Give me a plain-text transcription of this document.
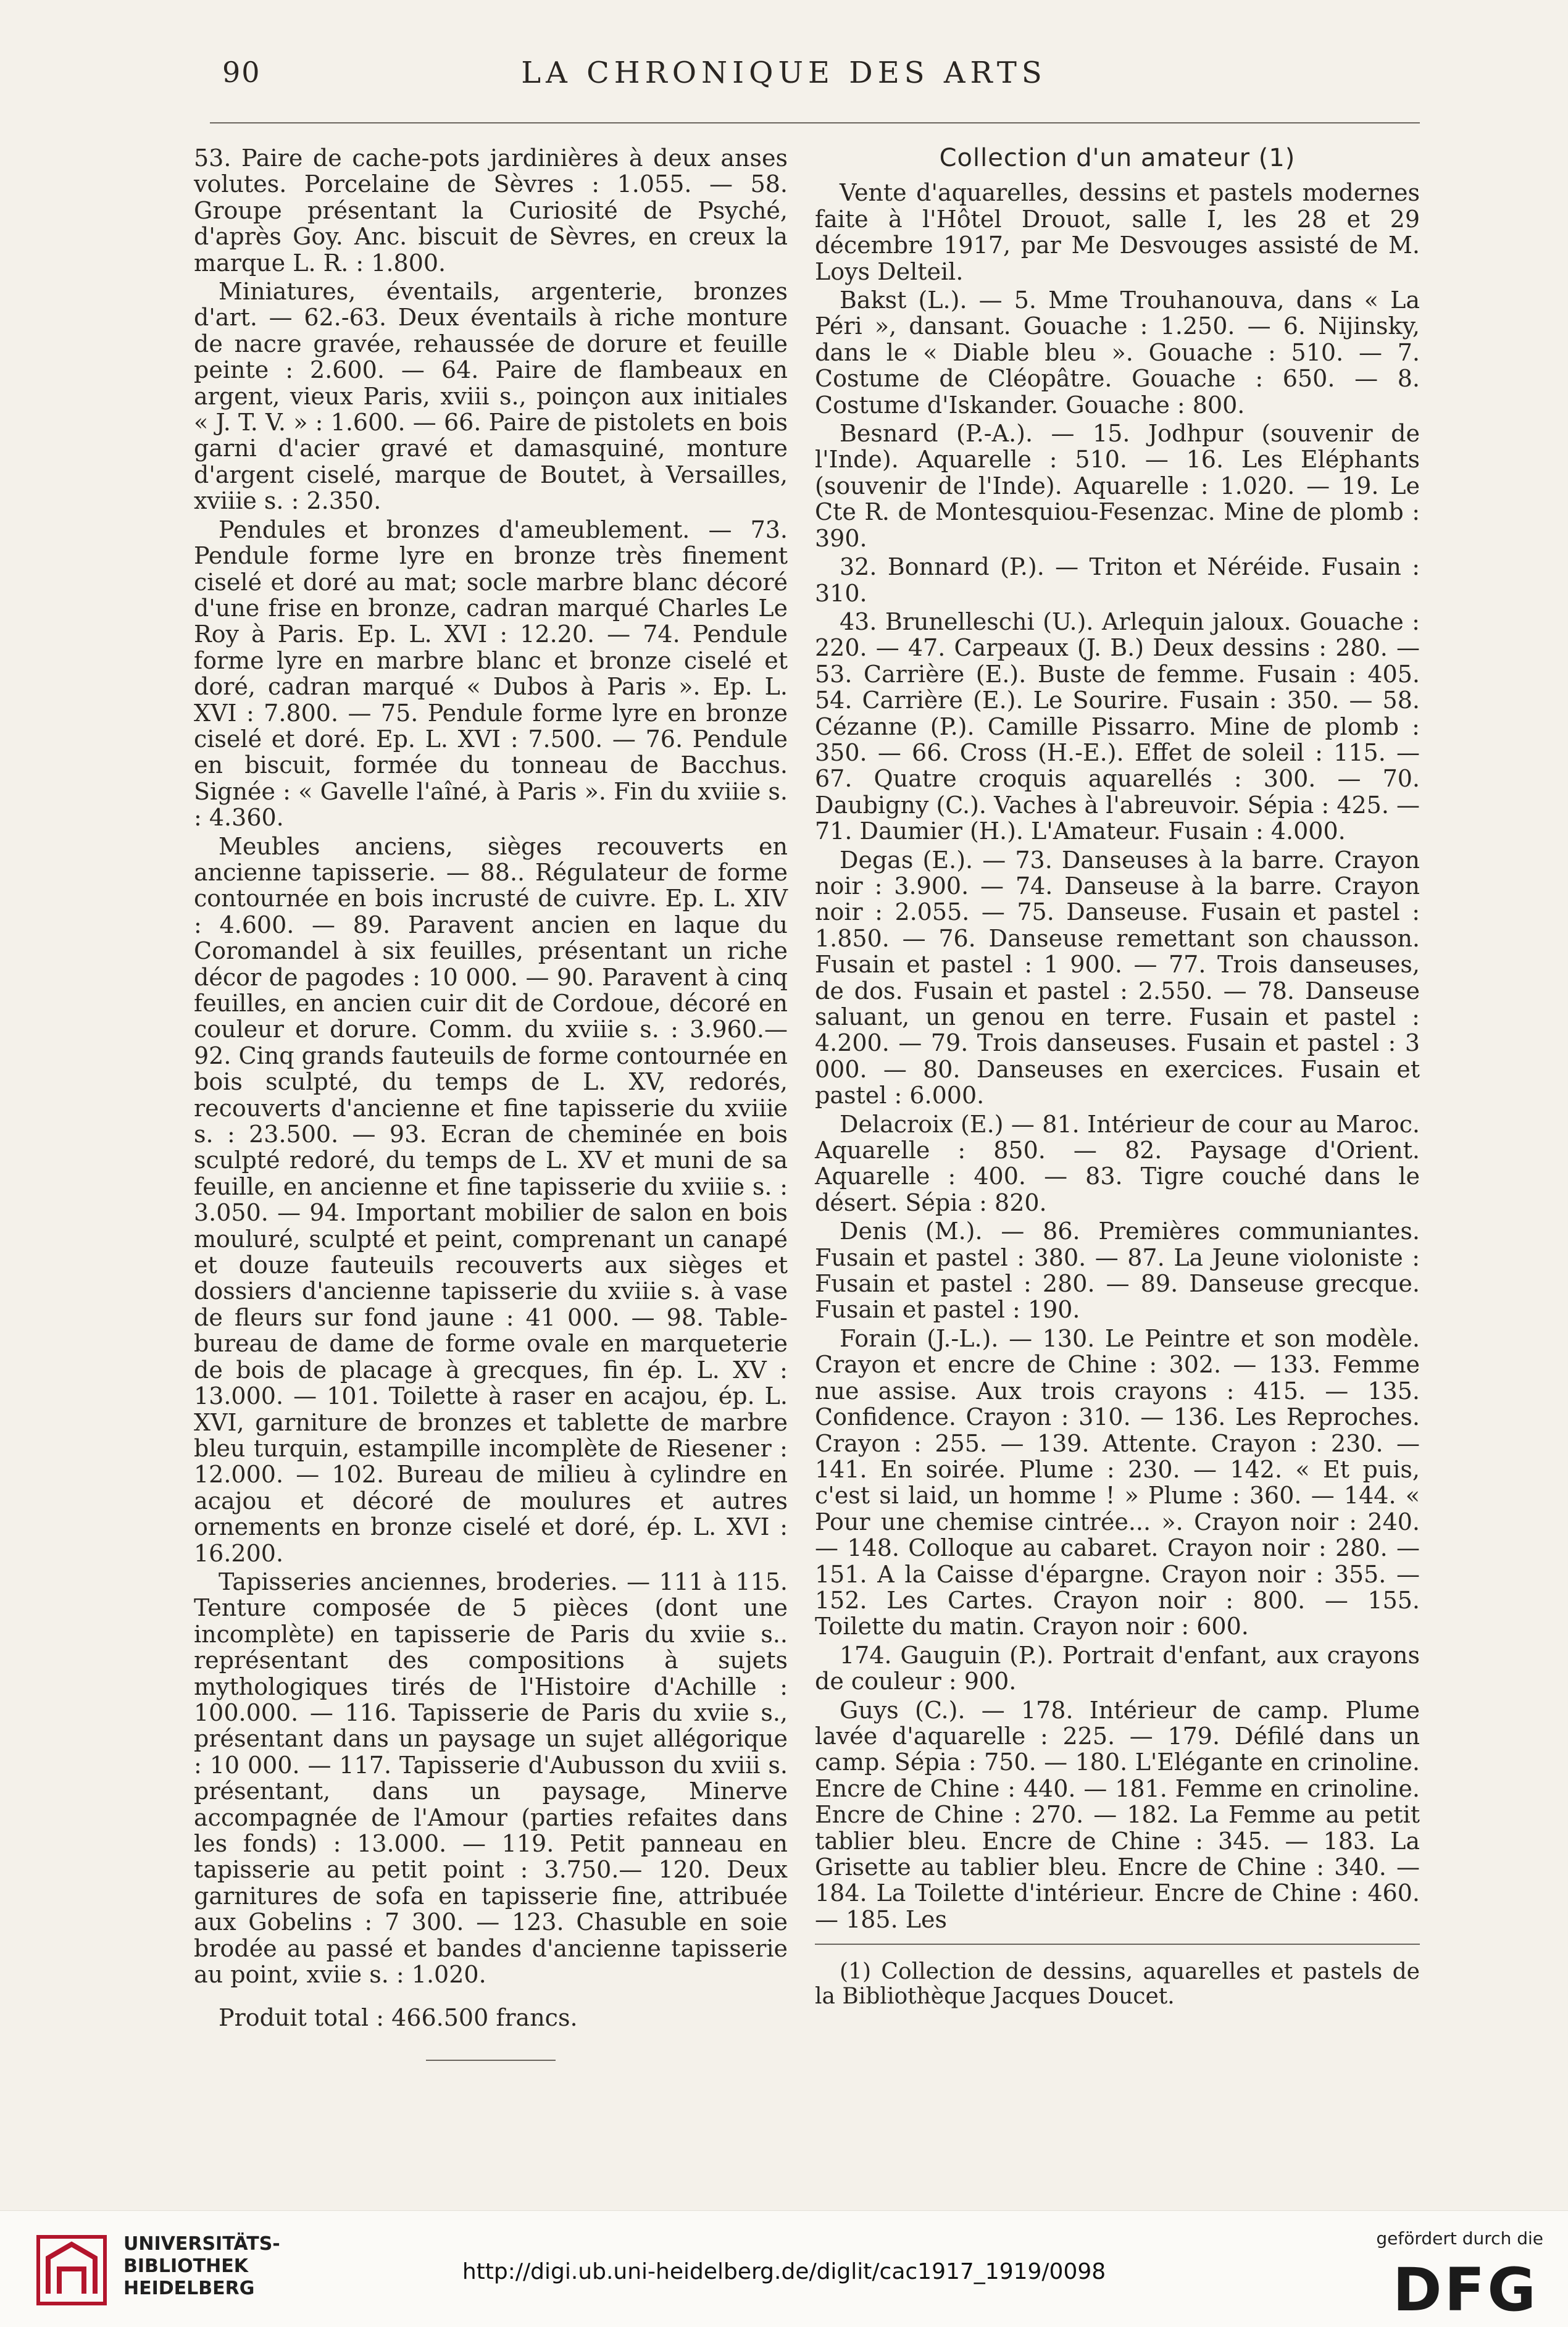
90	LA CHRONIQUE DES ARTS

53. Paire de cache-pots jardinières à deux anses volutes. Porcelaine de Sèvres : 1.055. — 58. Groupe présentant la Curiosité de Psyché, d'après Goy. Anc. biscuit de Sèvres, en creux la marque L. R. : 1.800.

Miniatures, éventails, argenterie, bronzes d'art. — 62.-63. Deux éventails à riche monture de nacre gravée, rehaussée de dorure et feuille peinte : 2.600. — 64. Paire de flambeaux en argent, vieux Paris, xviii s., poinçon aux initiales « J. T. V. » : 1.600. — 66. Paire de pistolets en bois garni d'acier gravé et damasquiné, monture d'argent ciselé, marque de Boutet, à Versailles, xviiie s. : 2.350.

Pendules et bronzes d'ameublement. — 73. Pendule forme lyre en bronze très finement ciselé et doré au mat; socle marbre blanc décoré d'une frise en bronze, cadran marqué Charles Le Roy à Paris. Ep. L. XVI : 12.20. — 74. Pendule forme lyre en marbre blanc et bronze ciselé et doré, cadran marqué « Dubos à Paris ». Ep. L. XVI : 7.800. — 75. Pendule forme lyre en bronze ciselé et doré. Ep. L. XVI : 7.500. — 76. Pendule en biscuit, formée du tonneau de Bacchus. Signée : « Gavelle l'aîné, à Paris ». Fin du xviiie s. : 4.360.

Meubles anciens, sièges recouverts en ancienne tapisserie. — 88.. Régulateur de forme contournée en bois incrusté de cuivre. Ep. L. XIV : 4.600. — 89. Paravent ancien en laque du Coromandel à six feuilles, présentant un riche décor de pagodes : 10 000. — 90. Paravent à cinq feuilles, en ancien cuir dit de Cordoue, décoré en couleur et dorure. Comm. du xviiie s. : 3.960.— 92. Cinq grands fauteuils de forme contournée en bois sculpté, du temps de L. XV, redorés, recouverts d'ancienne et fine tapisserie du xviiie s. : 23.500. — 93. Ecran de cheminée en bois sculpté redoré, du temps de L. XV et muni de sa feuille, en ancienne et fine tapisserie du xviiie s. : 3.050. — 94. Important mobilier de salon en bois mouluré, sculpté et peint, comprenant un canapé et douze fauteuils recouverts aux sièges et dossiers d'ancienne tapisserie du xviiie s. à vase de fleurs sur fond jaune : 41 000. — 98. Table-bureau de dame de forme ovale en marqueterie de bois de placage à grecques, fin ép. L. XV : 13.000. — 101. Toilette à raser en acajou, ép. L. XVI, garniture de bronzes et tablette de marbre bleu turquin, estampille incomplète de Riesener : 12.000. — 102. Bureau de milieu à cylindre en acajou et décoré de moulures et autres ornements en bronze ciselé et doré, ép. L. XVI : 16.200.

Tapisseries anciennes, broderies. — 111 à 115. Tenture composée de 5 pièces (dont une incomplète) en tapisserie de Paris du xviie s.. représentant des compositions à sujets mythologiques tirés de l'Histoire d'Achille : 100.000. — 116. Tapisserie de Paris du xviie s., présentant dans un paysage un sujet allégorique : 10 000. — 117. Tapisserie d'Aubusson du xviii s. présentant, dans un paysage, Minerve accompagnée de l'Amour (parties refaites dans les fonds) : 13.000. — 119. Petit panneau en tapisserie au petit point : 3.750.— 120. Deux garnitures de sofa en tapisserie fine, attribuée aux Gobelins : 7 300. — 123. Chasuble en soie brodée au passé et bandes d'ancienne tapisserie au point, xviie s. : 1.020.

Produit total : 466.500 francs.

Collection d'un amateur (1)

Vente d'aquarelles, dessins et pastels modernes faite à l'Hôtel Drouot, salle I, les 28 et 29 décembre 1917, par Me Desvouges assisté de M. Loys Delteil.

Bakst (L.). — 5. Mme Trouhanouva, dans « La Péri », dansant. Gouache : 1.250. — 6. Nijinsky, dans le « Diable bleu ». Gouache : 510. — 7. Costume de Cléopâtre. Gouache : 650. — 8. Costume d'Iskander. Gouache : 800.

Besnard (P.-A.). — 15. Jodhpur (souvenir de l'Inde). Aquarelle : 510. — 16. Les Eléphants (souvenir de l'Inde). Aquarelle : 1.020. — 19. Le Cte R. de Montesquiou-Fesenzac. Mine de plomb : 390.

32. Bonnard (P.). — Triton et Néréide. Fusain : 310.

43. Brunelleschi (U.). Arlequin jaloux. Gouache : 220. — 47. Carpeaux (J. B.) Deux dessins : 280. — 53. Carrière (E.). Buste de femme. Fusain : 405. 54. Carrière (E.). Le Sourire. Fusain : 350. — 58. Cézanne (P.). Camille Pissarro. Mine de plomb : 350. — 66. Cross (H.-E.). Effet de soleil : 115. — 67. Quatre croquis aquarellés : 300. — 70. Daubigny (C.). Vaches à l'abreuvoir. Sépia : 425. — 71. Daumier (H.). L'Amateur. Fusain : 4.000.

Degas (E.). — 73. Danseuses à la barre. Crayon noir : 3.900. — 74. Danseuse à la barre. Crayon noir : 2.055. — 75. Danseuse. Fusain et pastel : 1.850. — 76. Danseuse remettant son chausson. Fusain et pastel : 1 900. — 77. Trois danseuses, de dos. Fusain et pastel : 2.550. — 78. Danseuse saluant, un genou en terre. Fusain et pastel : 4.200. — 79. Trois danseuses. Fusain et pastel : 3 000. — 80. Danseuses en exercices. Fusain et pastel : 6.000.

Delacroix (E.) — 81. Intérieur de cour au Maroc. Aquarelle : 850. — 82. Paysage d'Orient. Aquarelle : 400. — 83. Tigre couché dans le désert. Sépia : 820.

Denis (M.). — 86. Premières communiantes. Fusain et pastel : 380. — 87. La Jeune violoniste : Fusain et pastel : 280. — 89. Danseuse grecque. Fusain et pastel : 190.

Forain (J.-L.). — 130. Le Peintre et son modèle. Crayon et encre de Chine : 302. — 133. Femme nue assise. Aux trois crayons : 415. — 135. Confidence. Crayon : 310. — 136. Les Reproches. Crayon : 255. — 139. Attente. Crayon : 230. — 141. En soirée. Plume : 230. — 142. « Et puis, c'est si laid, un homme ! » Plume : 360. — 144. « Pour une chemise cintrée... ». Crayon noir : 240. — 148. Colloque au cabaret. Crayon noir : 280. — 151. A la Caisse d'épargne. Crayon noir : 355. — 152. Les Cartes. Crayon noir : 800. — 155. Toilette du matin. Crayon noir : 600.

174. Gauguin (P.). Portrait d'enfant, aux crayons de couleur : 900.

Guys (C.). — 178. Intérieur de camp. Plume lavée d'aquarelle : 225. — 179. Défilé dans un camp. Sépia : 750. — 180. L'Elégante en crinoline. Encre de Chine : 440. — 181. Femme en crinoline. Encre de Chine : 270. — 182. La Femme au petit tablier bleu. Encre de Chine : 345. — 183. La Grisette au tablier bleu. Encre de Chine : 340. — 184. La Toilette d'intérieur. Encre de Chine : 460. — 185. Les

(1) Collection de dessins, aquarelles et pastels de la Bibliothèque Jacques Doucet.

UNIVERSITÄTS-
BIBLIOTHEK
HEIDELBERG
http://digi.ub.uni-heidelberg.de/diglit/cac1917_1919/0098
gefördert durch die
DFG
